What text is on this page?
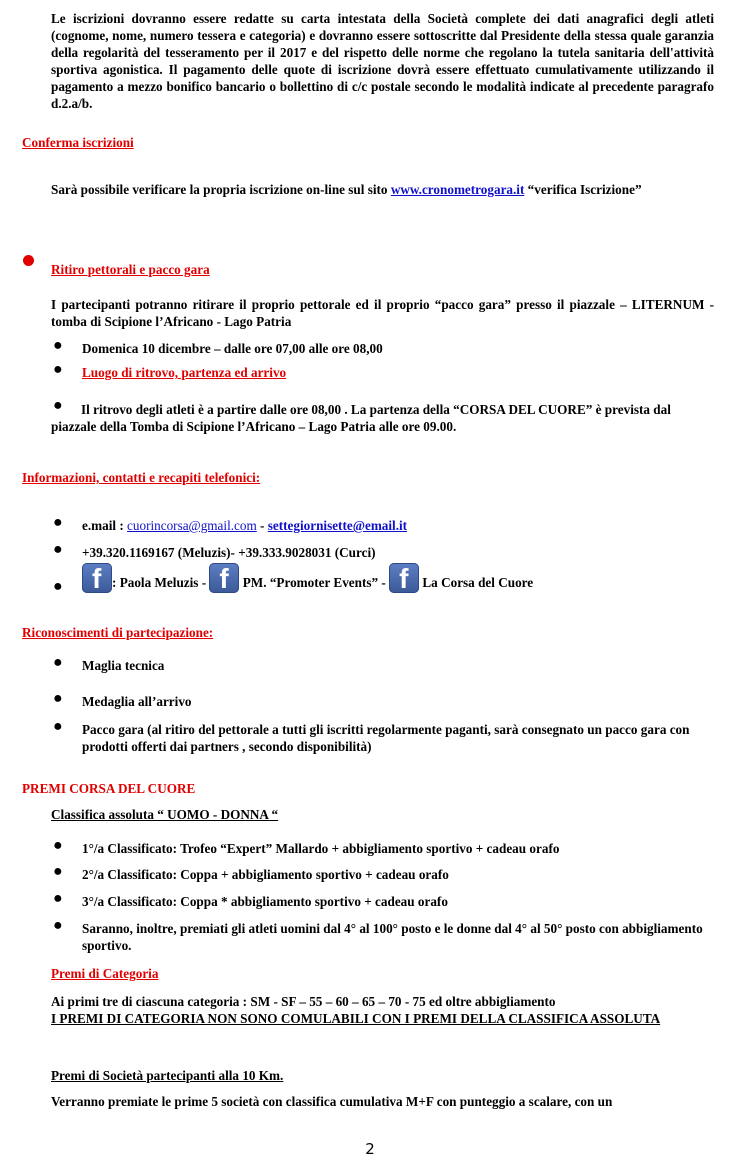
Le iscrizioni dovranno essere redatte su carta intestata della Società complete dei dati anagrafici degli atleti (cognome, nome, numero tessera e categoria) e dovranno essere sottoscritte dal Presidente della stessa quale garanzia della regolarità del tesseramento per il 2017 e del rispetto delle norme che regolano la tutela sanitaria dell'attività sportiva agonistica. Il pagamento delle quote di iscrizione dovrà essere effettuato cumulativamente utilizzando il pagamento a mezzo bonifico bancario o bollettino di c/c postale secondo le modalità indicate al precedente paragrafo d.2.a/b.
Conferma iscrizioni
Sarà possibile verificare la propria iscrizione on-line sul sito www.cronometrogara.it “verifica Iscrizione”
Ritiro pettorali e pacco gara
I partecipanti potranno ritirare il proprio pettorale ed il proprio “pacco gara” presso il piazzale – LITERNUM - tomba di Scipione l’Africano - Lago Patria
● Domenica 10 dicembre – dalle ore 07,00 alle ore 08,00
● Luogo di ritrovo, partenza ed arrivo
●	Il ritrovo degli atleti è a partire dalle ore 08,00 . La partenza della “CORSA DEL CUORE” è prevista dal piazzale della Tomba di Scipione l’Africano – Lago Patria alle ore 09.00.
Informazioni, contatti e recapiti telefonici:
● e.mail : cuorincorsa@gmail.com - settegiornisette@email.it
● +39.320.1169167 (Meluzis)- +39.333.9028031 (Curci)
● f : Paola Meluzis - f PM. “Promoter Events” - f La Corsa del Cuore
Riconoscimenti di partecipazione:
● Maglia tecnica
● Medaglia all’arrivo
● Pacco gara (al ritiro del pettorale a tutti gli iscritti regolarmente paganti, sarà consegnato un pacco gara con prodotti offerti dai partners , secondo disponibilità)
PREMI CORSA DEL CUORE
Classifica assoluta “ UOMO - DONNA “
● 1°/a Classificato: Trofeo “Expert” Mallardo + abbigliamento sportivo + cadeau orafo
● 2°/a Classificato: Coppa + abbigliamento sportivo + cadeau orafo
● 3°/a Classificato: Coppa * abbigliamento sportivo + cadeau orafo
● Saranno, inoltre, premiati gli atleti uomini dal 4° al 100° posto e le donne dal 4° al 50° posto con abbigliamento sportivo.
Premi di Categoria
Ai primi tre di ciascuna categoria : SM - SF – 55 – 60 – 65 – 70 - 75 ed oltre abbigliamento
I PREMI DI CATEGORIA NON SONO COMULABILI CON I PREMI DELLA CLASSIFICA ASSOLUTA
Premi di Società partecipanti alla 10 Km.
Verranno premiate le prime 5 società con classifica cumulativa M+F con punteggio a scalare, con un
2
